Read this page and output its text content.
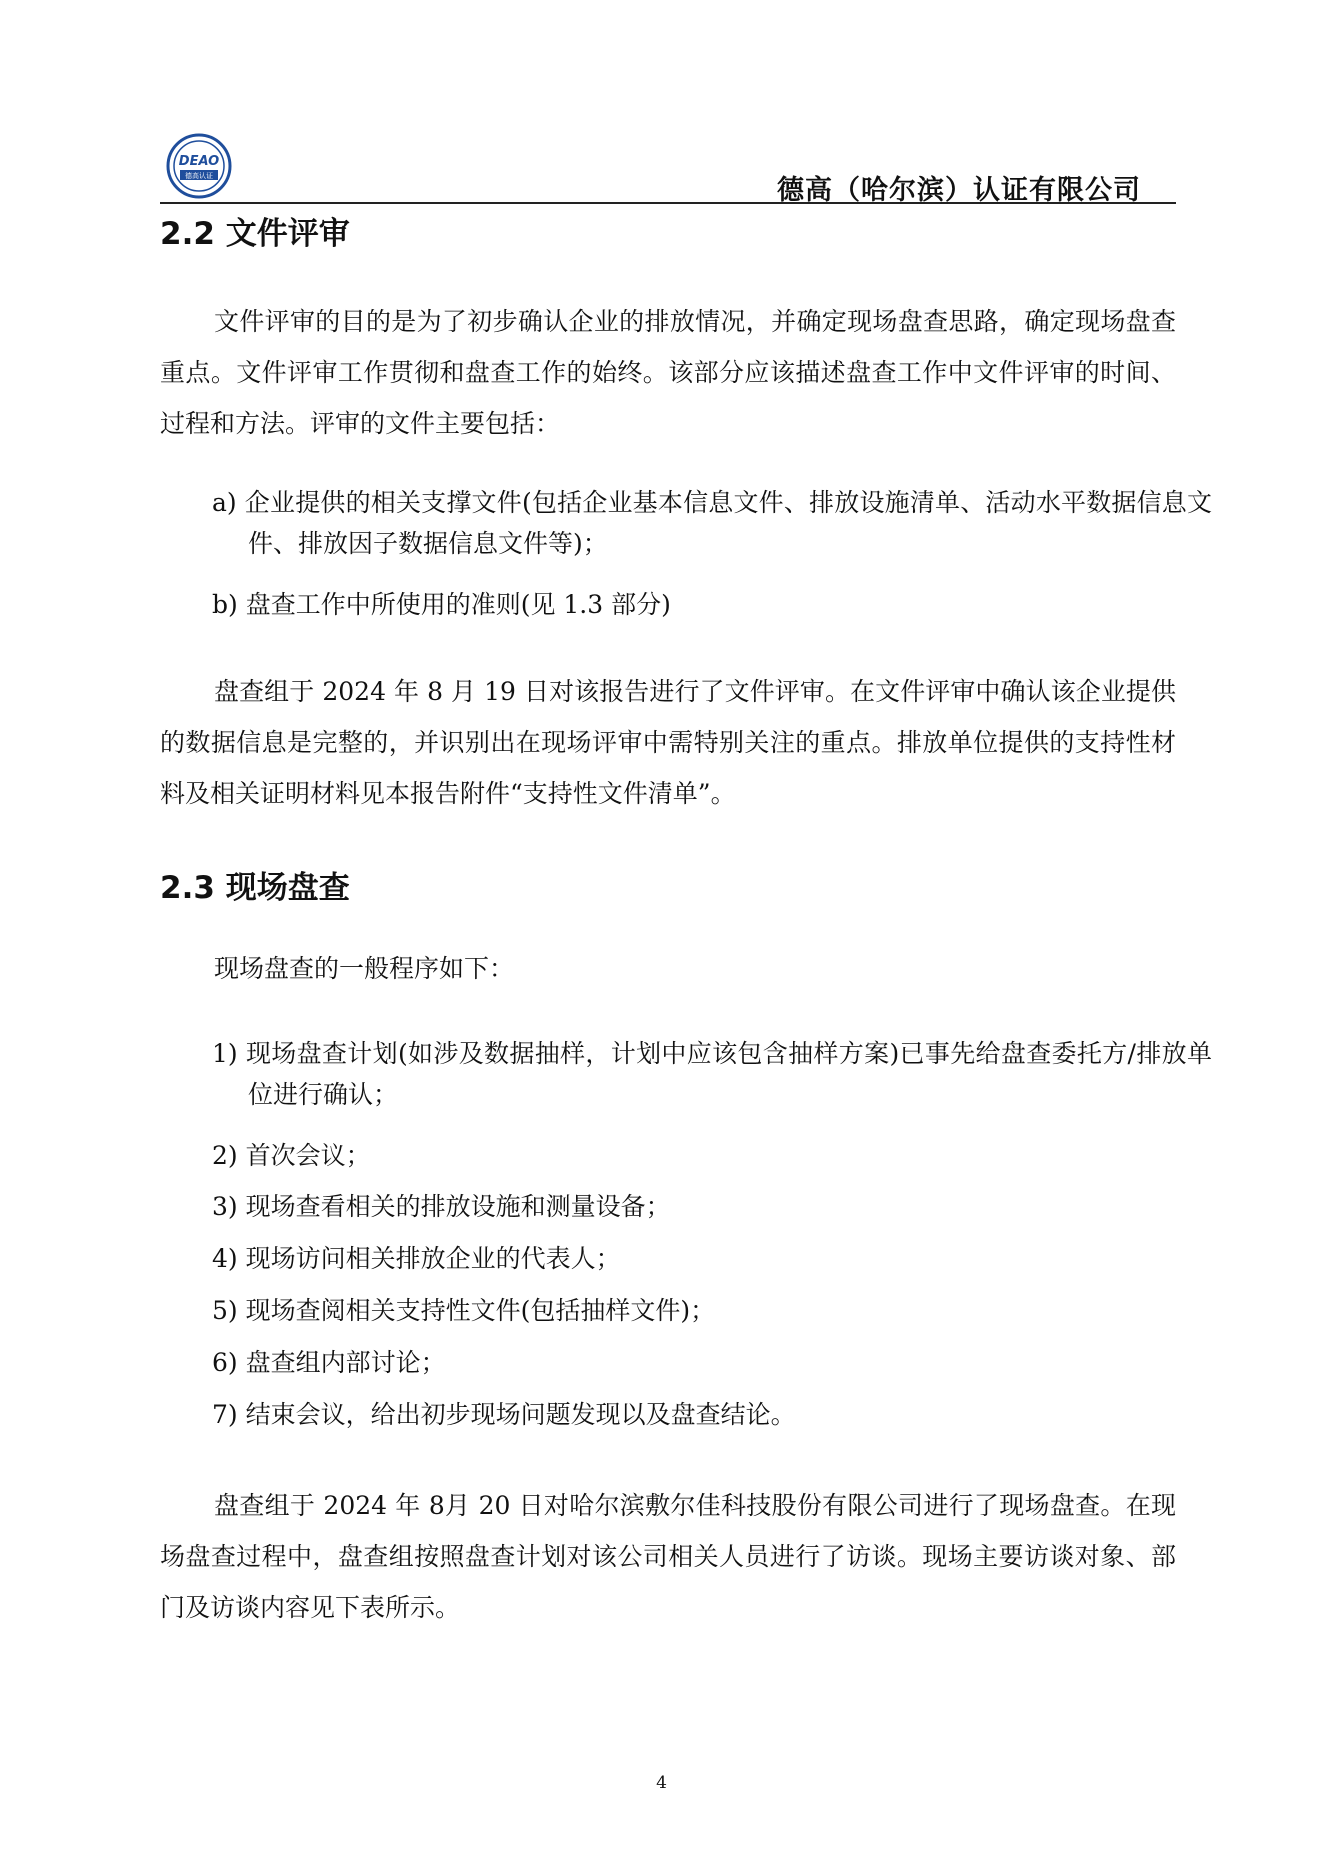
DEAO
德高认证	德高（哈尔滨）认证有限公司
2.2 文件评审
文件评审的目的是为了初步确认企业的排放情况，并确定现场盘查思路，确定现场盘查重点。文件评审工作贯彻和盘查工作的始终。该部分应该描述盘查工作中文件评审的时间、过程和方法。评审的文件主要包括：
a) 企业提供的相关支撑文件(包括企业基本信息文件、排放设施清单、活动水平数据信息文件、排放因子数据信息文件等)；
b) 盘查工作中所使用的准则(见 1.3 部分)
盘查组于 2024 年 8 月 19 日对该报告进行了文件评审。在文件评审中确认该企业提供的数据信息是完整的，并识别出在现场评审中需特别关注的重点。排放单位提供的支持性材料及相关证明材料见本报告附件“支持性文件清单”。
2.3 现场盘查
现场盘查的一般程序如下：
1) 现场盘查计划(如涉及数据抽样，计划中应该包含抽样方案)已事先给盘查委托方/排放单位进行确认；
2) 首次会议；
3) 现场查看相关的排放设施和测量设备；
4) 现场访问相关排放企业的代表人；
5) 现场查阅相关支持性文件(包括抽样文件)；
6) 盘查组内部讨论；
7) 结束会议，给出初步现场问题发现以及盘查结论。
盘查组于 2024 年 8月 20 日对哈尔滨敷尔佳科技股份有限公司进行了现场盘查。在现场盘查过程中，盘查组按照盘查计划对该公司相关人员进行了访谈。现场主要访谈对象、部门及访谈内容见下表所示。
4
